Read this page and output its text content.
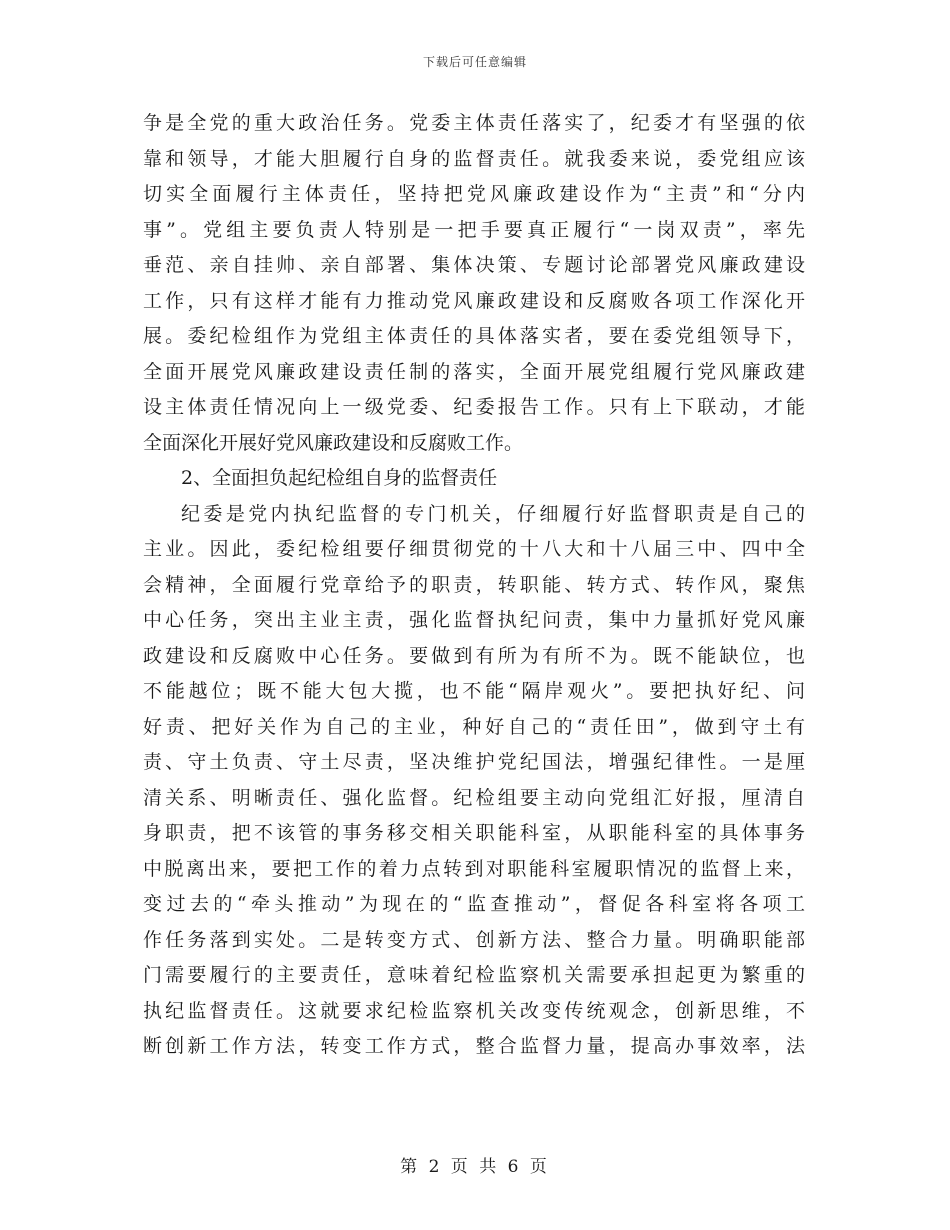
下载后可任意编辑
争是全党的重大政治任务。党委主体责任落实了，纪委才有坚强的依
靠和领导，才能大胆履行自身的监督责任。就我委来说，委党组应该
切实全面履行主体责任，坚持把党风廉政建设作为“主责”和“分内
事”。党组主要负责人特别是一把手要真正履行“一岗双责”，率先
垂范、亲自挂帅、亲自部署、集体决策、专题讨论部署党风廉政建设
工作，只有这样才能有力推动党风廉政建设和反腐败各项工作深化开
展。委纪检组作为党组主体责任的具体落实者，要在委党组领导下，
全面开展党风廉政建设责任制的落实，全面开展党组履行党风廉政建
设主体责任情况向上一级党委、纪委报告工作。只有上下联动，才能
全面深化开展好党风廉政建设和反腐败工作。
2、全面担负起纪检组自身的监督责任
纪委是党内执纪监督的专门机关，仔细履行好监督职责是自己的
主业。因此，委纪检组要仔细贯彻党的十八大和十八届三中、四中全
会精神，全面履行党章给予的职责，转职能、转方式、转作风，聚焦
中心任务，突出主业主责，强化监督执纪问责，集中力量抓好党风廉
政建设和反腐败中心任务。要做到有所为有所不为。既不能缺位，也
不能越位；既不能大包大揽，也不能“隔岸观火”。要把执好纪、问
好责、把好关作为自己的主业，种好自己的“责任田”，做到守土有
责、守土负责、守土尽责，坚决维护党纪国法，增强纪律性。一是厘
清关系、明晰责任、强化监督。纪检组要主动向党组汇好报，厘清自
身职责，把不该管的事务移交相关职能科室，从职能科室的具体事务
中脱离出来，要把工作的着力点转到对职能科室履职情况的监督上来，
变过去的“牵头推动”为现在的“监查推动”，督促各科室将各项工
作任务落到实处。二是转变方式、创新方法、整合力量。明确职能部
门需要履行的主要责任，意味着纪检监察机关需要承担起更为繁重的
执纪监督责任。这就要求纪检监察机关改变传统观念，创新思维，不
断创新工作方法，转变工作方式，整合监督力量，提高办事效率，法
第 2 页 共 6 页
